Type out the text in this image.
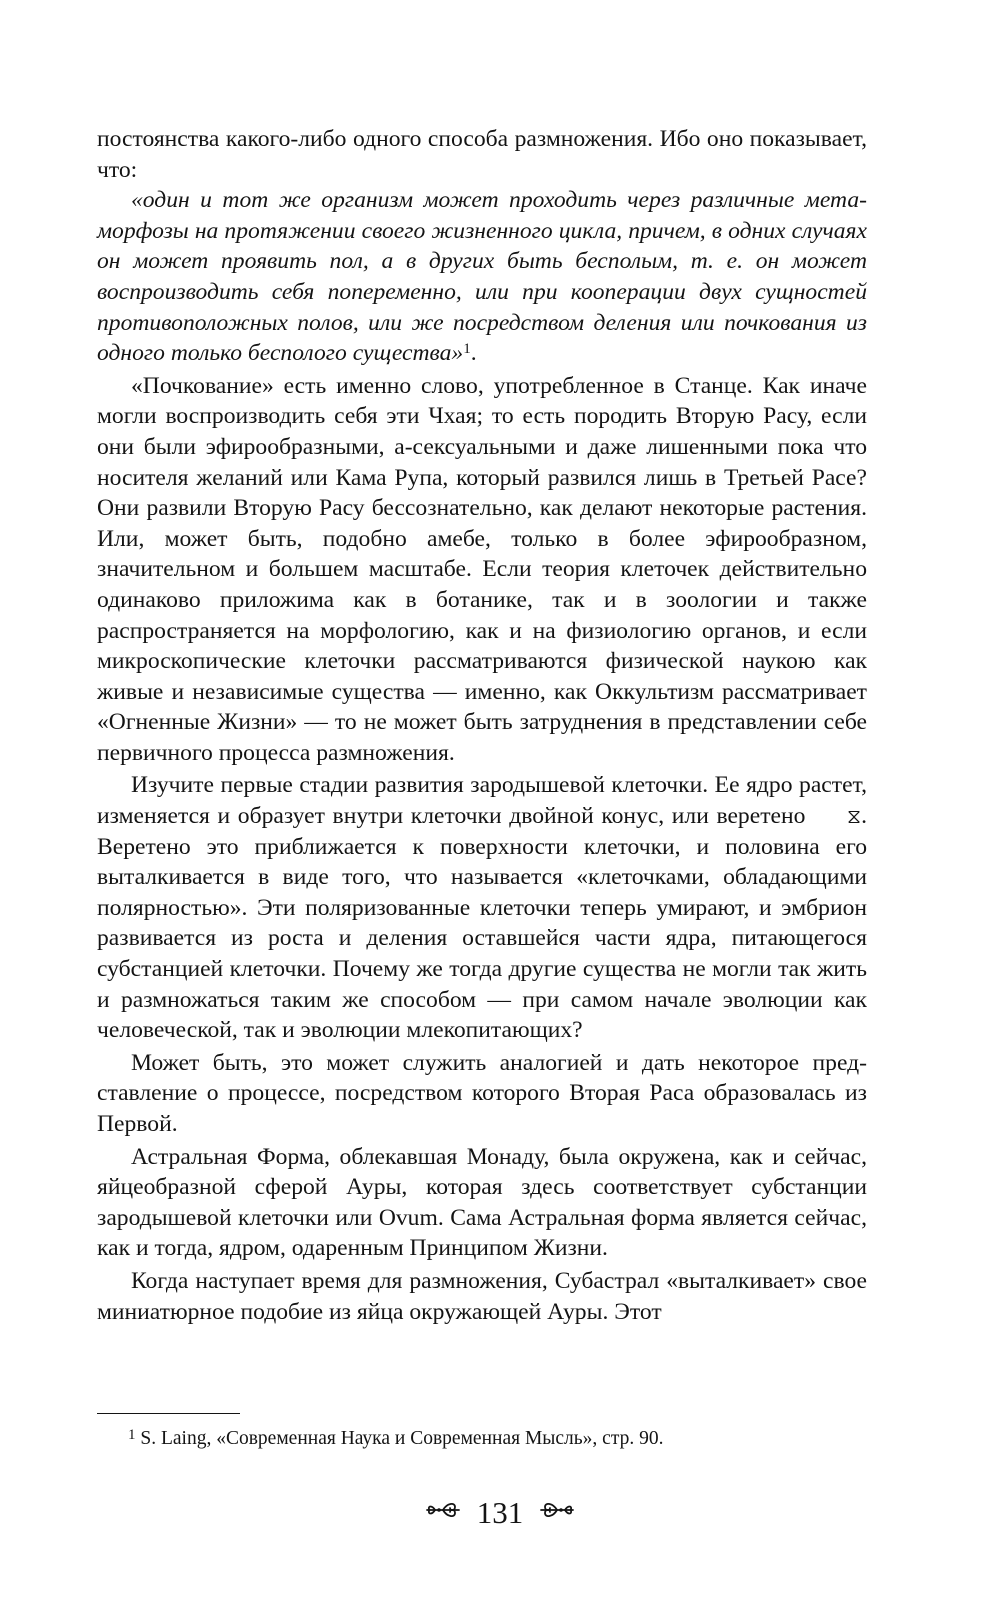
постоянства какого-либо одного способа размножения. Ибо оно показывает, что:

«один и тот же организм может проходить через различные метаморфозы на протяжении своего жизненного цикла, причем, в одних случаях он может проявить пол, а в других быть бесполым, т. е. он может воспроизводить себя попеременно, или при кооперации двух сущностей противоположных полов, или же посредством деления или почкования из одного только бесполого существа»$^1$.

«Почкование» есть именно слово, употребленное в Станце. Как иначе могли воспроизводить себя эти Чхая; то есть породить Вторую Расу, если они были эфирообразными, а-сексуальными и даже лишенными пока что носителя желаний или Кама Рупа, который развился лишь в Третьей Расе? Они развили Вторую Расу бессознательно, как делают некоторые растения. Или, может быть, подобно амебе, только в более эфирообразном, значительном и большем масштабе. Если теория клеточек действительно одинаково приложима как в ботанике, так и в зоологии и также распространяется на морфологию, как и на физиологию органов, и если микроскопические клеточки рассматриваются физической наукою как живые и независимые существа — именно, как Оккультизм рассматривает «Огненные Жизни» — то не может быть затруднения в представлении себе первичного процесса размножения.

Изучите первые стадии развития зародышевой клеточки. Ее ядро растет, изменяется и образует внутри клеточки двойной конус, или веретено ⧖. Веретено это приближается к поверхности клеточки, и половина его выталкивается в виде того, что называется «клеточками, обладающими полярностью». Эти поляризованные клеточки теперь умирают, и эмбрион развивается из роста и деления оставшейся части ядра, питающегося субстанцией клеточки. Почему же тогда другие существа не могли так жить и размножаться таким же способом — при самом начале эволюции как человеческой, так и эволюции млекопитающих?

Может быть, это может служить аналогией и дать некоторое представление о процессе, посредством которого Вторая Раса образовалась из Первой.

Астральная Форма, облекавшая Монаду, была окружена, как и сейчас, яйцеобразной сферой Ауры, которая здесь соответствует субстанции зародышевой клеточки или Ovum. Сама Астральная форма является сейчас, как и тогда, ядром, одаренным Принципом Жизни.

Когда наступает время для размножения, Субастрал «выталкивает» свое миниатюрное подобие из яйца окружающей Ауры. Этот

$^1$ S. Laing, «Современная Наука и Современная Мысль», стр. 90.
131
